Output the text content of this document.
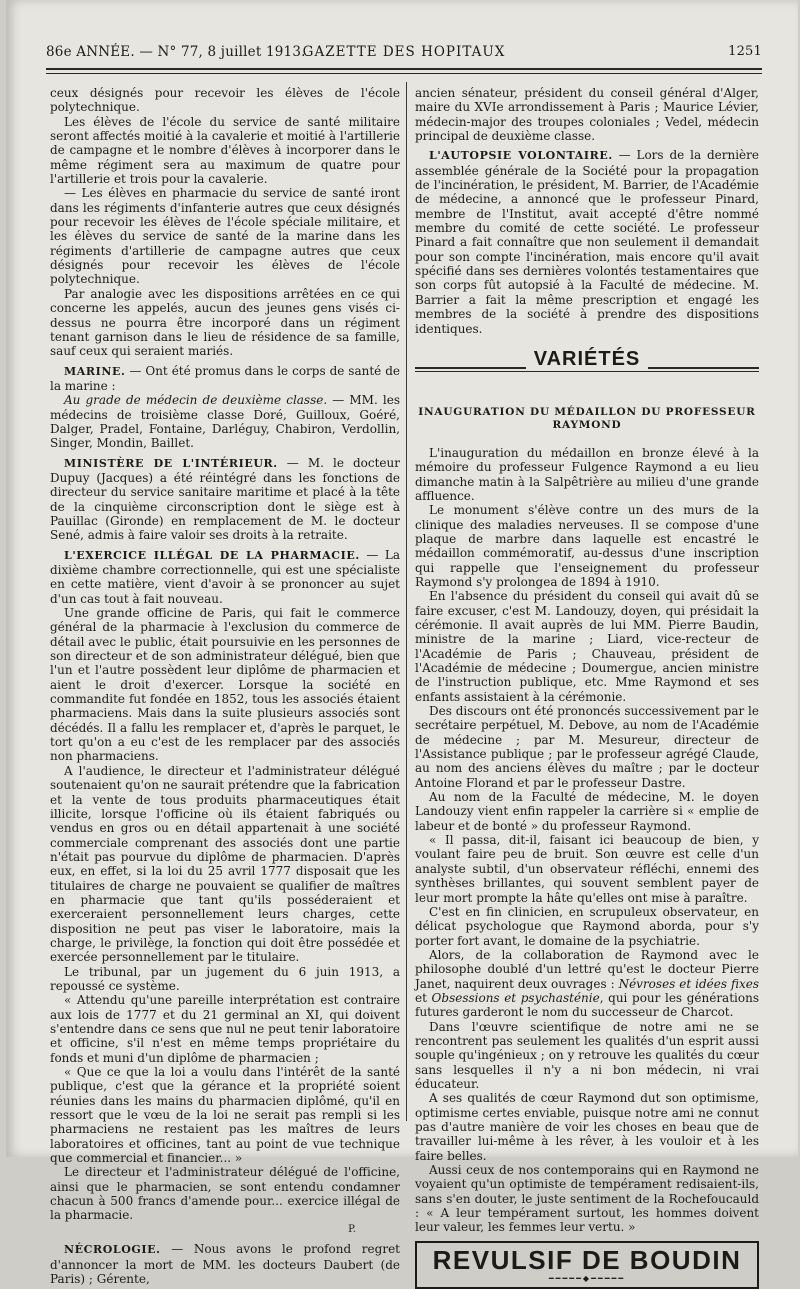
86e ANNÉE. — N° 77, 8 juillet 1913.
GAZETTE DES HOPITAUX	1251

ceux désignés pour recevoir les élèves de l'école polytechnique.

Les élèves de l'école du service de santé militaire seront affectés moitié à la cavalerie et moitié à l'artillerie de campagne et le nombre d'élèves à incorporer dans le même régiment sera au maximum de quatre pour l'artillerie et trois pour la cavalerie.

— Les élèves en pharmacie du service de santé iront dans les régiments d'infanterie autres que ceux désignés pour recevoir les élèves de l'école spéciale militaire, et les élèves du service de santé de la marine dans les régiments d'artillerie de campagne autres que ceux désignés pour recevoir les élèves de l'école polytechnique.

Par analogie avec les dispositions arrêtées en ce qui concerne les appelés, aucun des jeunes gens visés ci-dessus ne pourra être incorporé dans un régiment tenant garnison dans le lieu de résidence de sa famille, sauf ceux qui seraient mariés.

MARINE. — Ont été promus dans le corps de santé de la marine :

Au grade de médecin de deuxième classe. — MM. les médecins de troisième classe Doré, Guilloux, Goéré, Dalger, Pradel, Fontaine, Darléguy, Chabiron, Verdollin, Singer, Mondin, Baillet.

MINISTÈRE DE L'INTÉRIEUR. — M. le docteur Dupuy (Jacques) a été réintégré dans les fonctions de directeur du service sanitaire maritime et placé à la tête de la cinquième circonscription dont le siège est à Pauillac (Gironde) en remplacement de M. le docteur Sené, admis à faire valoir ses droits à la retraite.

L'EXERCICE ILLÉGAL DE LA PHARMACIE. — La dixième chambre correctionnelle, qui est une spécialiste en cette matière, vient d'avoir à se prononcer au sujet d'un cas tout à fait nouveau.

Une grande officine de Paris, qui fait le commerce général de la pharmacie à l'exclusion du commerce de détail avec le public, était poursuivie en les personnes de son directeur et de son administrateur délégué, bien que l'un et l'autre possèdent leur diplôme de pharmacien et aient le droit d'exercer. Lorsque la société en commandite fut fondée en 1852, tous les associés étaient pharmaciens. Mais dans la suite plusieurs associés sont décédés. Il a fallu les remplacer et, d'après le parquet, le tort qu'on a eu c'est de les remplacer par des associés non pharmaciens.

A l'audience, le directeur et l'administrateur délégué soutenaient qu'on ne saurait prétendre que la fabrication et la vente de tous produits pharmaceutiques était illicite, lorsque l'officine où ils étaient fabriqués ou vendus en gros ou en détail appartenait à une société commerciale comprenant des associés dont une partie n'était pas pourvue du diplôme de pharmacien. D'après eux, en effet, si la loi du 25 avril 1777 disposait que les titulaires de charge ne pouvaient se qualifier de maîtres en pharmacie que tant qu'ils posséderaient et exerceraient personnellement leurs charges, cette disposition ne peut pas viser le laboratoire, mais la charge, le privilège, la fonction qui doit être possédée et exercée personnellement par le titulaire.

Le tribunal, par un jugement du 6 juin 1913, a repoussé ce système.

« Attendu qu'une pareille interprétation est contraire aux lois de 1777 et du 21 germinal an XI, qui doivent s'entendre dans ce sens que nul ne peut tenir laboratoire et officine, s'il n'est en même temps propriétaire du fonds et muni d'un diplôme de pharmacien ;

« Que ce que la loi a voulu dans l'intérêt de la santé publique, c'est que la gérance et la propriété soient réunies dans les mains du pharmacien diplômé, qu'il en ressort que le vœu de la loi ne serait pas rempli si les pharmaciens ne restaient pas les maîtres de leurs laboratoires et officines, tant au point de vue technique que commercial et financier... »

Le directeur et l'administrateur délégué de l'officine, ainsi que le pharmacien, se sont entendu condamner chacun à 500 francs d'amende pour... exercice illégal de la pharmacie.

P.

NÉCROLOGIE. — Nous avons le profond regret d'annoncer la mort de MM. les docteurs Daubert (de Paris) ; Gérente,

ancien sénateur, président du conseil général d'Alger, maire du XVIe arrondissement à Paris ; Maurice Lévier, médecin-major des troupes coloniales ; Vedel, médecin principal de deuxième classe.

L'AUTOPSIE VOLONTAIRE. — Lors de la dernière assemblée générale de la Société pour la propagation de l'incinération, le président, M. Barrier, de l'Académie de médecine, a annoncé que le professeur Pinard, membre de l'Institut, avait accepté d'être nommé membre du comité de cette société. Le professeur Pinard a fait connaître que non seulement il demandait pour son compte l'incinération, mais encore qu'il avait spécifié dans ses dernières volontés testamentaires que son corps fût autopsié à la Faculté de médecine. M. Barrier a fait la même prescription et engagé les membres de la société à prendre des dispositions identiques.

VARIÉTÉS
INAUGURATION DU MÉDAILLON DU PROFESSEUR RAYMOND

L'inauguration du médaillon en bronze élevé à la mémoire du professeur Fulgence Raymond a eu lieu dimanche matin à la Salpêtrière au milieu d'une grande affluence.

Le monument s'élève contre un des murs de la clinique des maladies nerveuses. Il se compose d'une plaque de marbre dans laquelle est encastré le médaillon commémoratif, au-dessus d'une inscription qui rappelle que l'enseignement du professeur Raymond s'y prolongea de 1894 à 1910.

En l'absence du président du conseil qui avait dû se faire excuser, c'est M. Landouzy, doyen, qui présidait la cérémonie. Il avait auprès de lui MM. Pierre Baudin, ministre de la marine ; Liard, vice-recteur de l'Académie de Paris ; Chauveau, président de l'Académie de médecine ; Doumergue, ancien ministre de l'instruction publique, etc. Mme Raymond et ses enfants assistaient à la cérémonie.

Des discours ont été prononcés successivement par le secrétaire perpétuel, M. Debove, au nom de l'Académie de médecine ; par M. Mesureur, directeur de l'Assistance publique ; par le professeur agrégé Claude, au nom des anciens élèves du maître ; par le docteur Antoine Florand et par le professeur Dastre.

Au nom de la Faculté de médecine, M. le doyen Landouzy vient enfin rappeler la carrière si « emplie de labeur et de bonté » du professeur Raymond.

« Il passa, dit-il, faisant ici beaucoup de bien, y voulant faire peu de bruit. Son œuvre est celle d'un analyste subtil, d'un observateur réfléchi, ennemi des synthèses brillantes, qui souvent semblent payer de leur mort prompte la hâte qu'elles ont mise à paraître.

C'est en fin clinicien, en scrupuleux observateur, en délicat psychologue que Raymond aborda, pour s'y porter fort avant, le domaine de la psychiatrie.

Alors, de la collaboration de Raymond avec le philosophe doublé d'un lettré qu'est le docteur Pierre Janet, naquirent deux ouvrages : Névroses et idées fixes et Obsessions et psychasténie, qui pour les générations futures garderont le nom du successeur de Charcot.

Dans l'œuvre scientifique de notre ami ne se rencontrent pas seulement les qualités d'un esprit aussi souple qu'ingénieux ; on y retrouve les qualités du cœur sans lesquelles il n'y a ni bon médecin, ni vrai éducateur.

A ses qualités de cœur Raymond dut son optimisme, optimisme certes enviable, puisque notre ami ne connut pas d'autre manière de voir les choses en beau que de travailler lui-même à les rêver, à les vouloir et à les faire belles.

Aussi ceux de nos contemporains qui en Raymond ne voyaient qu'un optimiste de tempérament redisaient-ils, sans s'en douter, le juste sentiment de la Rochefoucauld : « A leur tempérament surtout, les hommes doivent leur valeur, les femmes leur vertu. »

REVULSIF DE BOUDIN
━━━━━◆━━━━━
